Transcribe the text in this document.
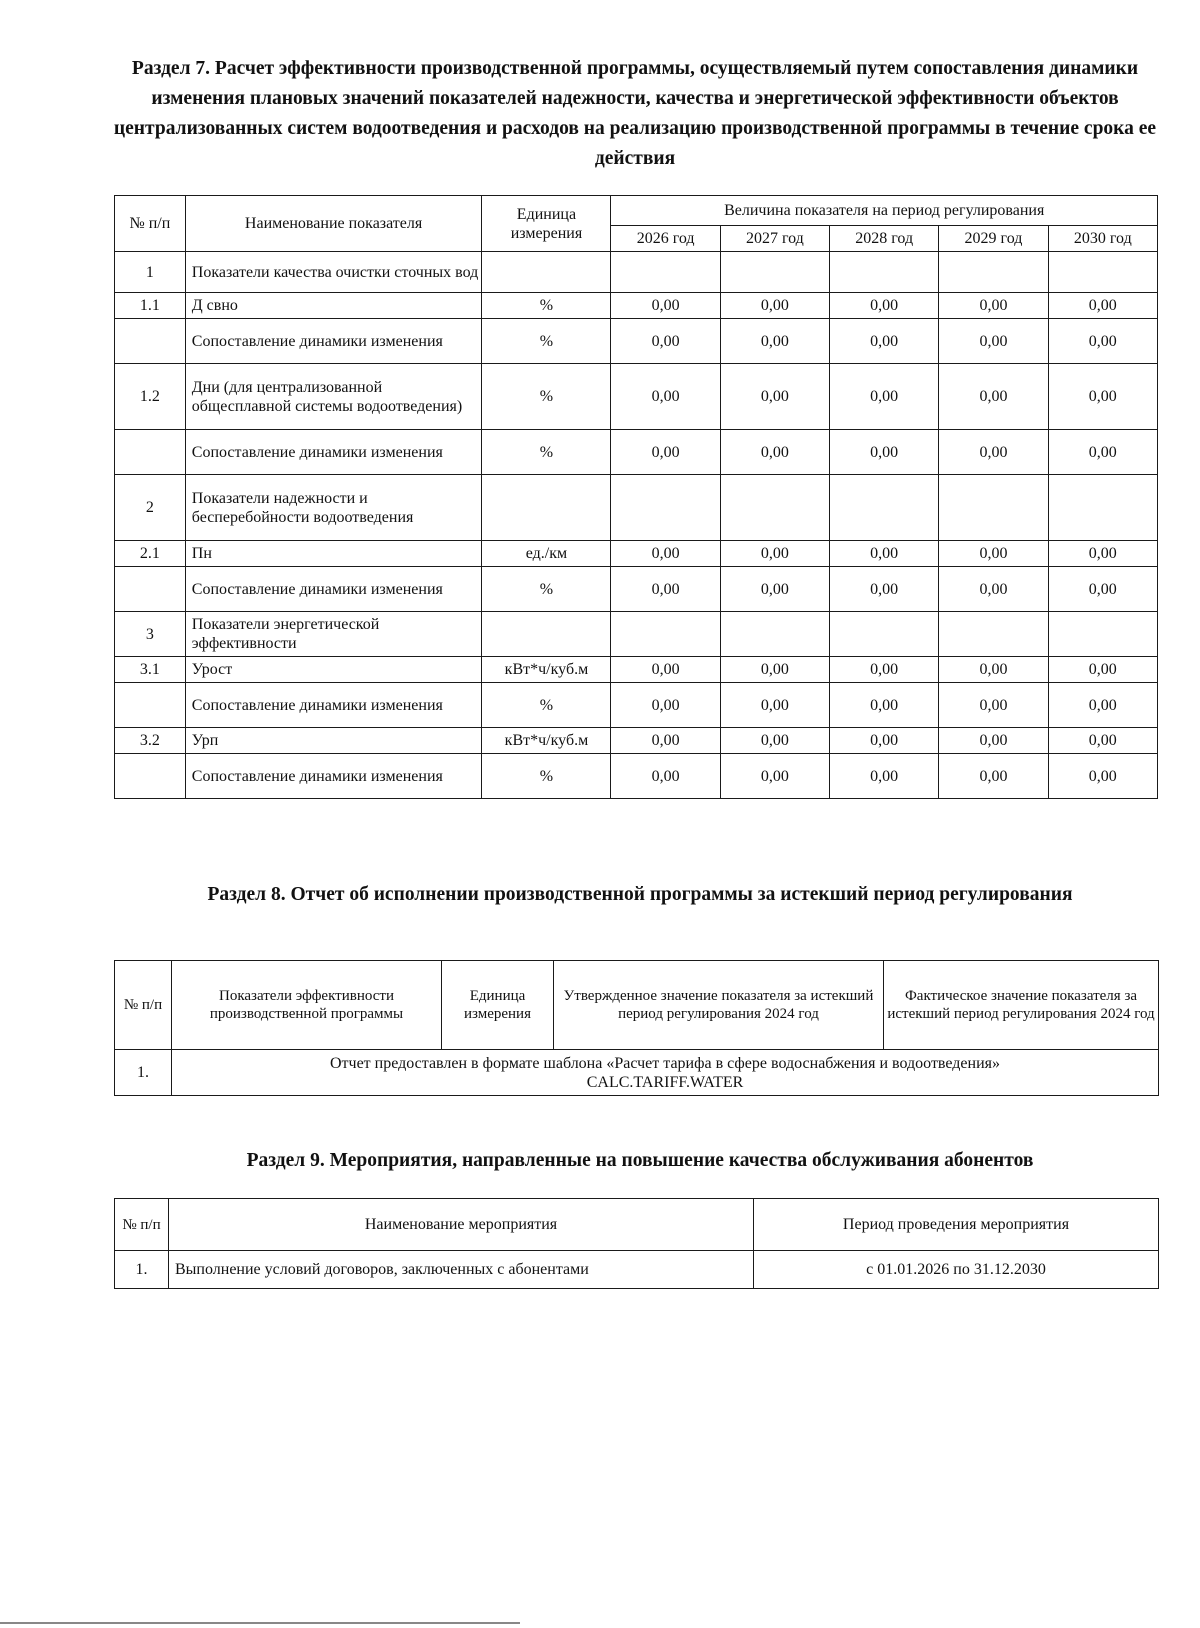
Раздел 7. Расчет эффективности производственной программы, осуществляемый путем сопоставления динамики изменения плановых значений показателей надежности, качества и энергетической эффективности объектов централизованных систем водоотведения и расходов на реализацию производственной программы в течение срока ее действия
№ п/п	Наименование показателя	Единица измерения	Величина показателя на период регулирования				
			2026 год	2027 год	2028 год	2029 год	2030 год
1	Показатели качества очистки сточных вод						
1.1	Д свно	%	0,00	0,00	0,00	0,00	0,00
	Сопоставление динамики изменения	%	0,00	0,00	0,00	0,00	0,00
1.2	Дни (для централизованной общесплавной системы водоотведения)	%	0,00	0,00	0,00	0,00	0,00
	Сопоставление динамики изменения	%	0,00	0,00	0,00	0,00	0,00
2	Показатели надежности и бесперебойности водоотведения						
2.1	Пн	ед./км	0,00	0,00	0,00	0,00	0,00
	Сопоставление динамики изменения	%	0,00	0,00	0,00	0,00	0,00
3	Показатели энергетической эффективности						
3.1	Урост	кВт*ч/куб.м	0,00	0,00	0,00	0,00	0,00
	Сопоставление динамики изменения	%	0,00	0,00	0,00	0,00	0,00
3.2	Урп	кВт*ч/куб.м	0,00	0,00	0,00	0,00	0,00
	Сопоставление динамики изменения	%	0,00	0,00	0,00	0,00	0,00
Раздел 8. Отчет об исполнении производственной программы за истекший период регулирования
№ п/п	Показатели эффективности производственной программы	Единица измерения	Утвержденное значение показателя за истекший период регулирования 2024 год	Фактическое значение показателя за истекший период регулирования 2024 год
1.	Отчет предоставлен в формате шаблона «Расчет тарифа в сфере водоснабжения и водоотведения»
CALC.TARIFF.WATER			
Раздел 9. Мероприятия, направленные на повышение качества обслуживания абонентов
№ п/п	Наименование мероприятия	Период проведения мероприятия
1.	Выполнение условий договоров, заключенных с абонентами	с 01.01.2026 по 31.12.2030
